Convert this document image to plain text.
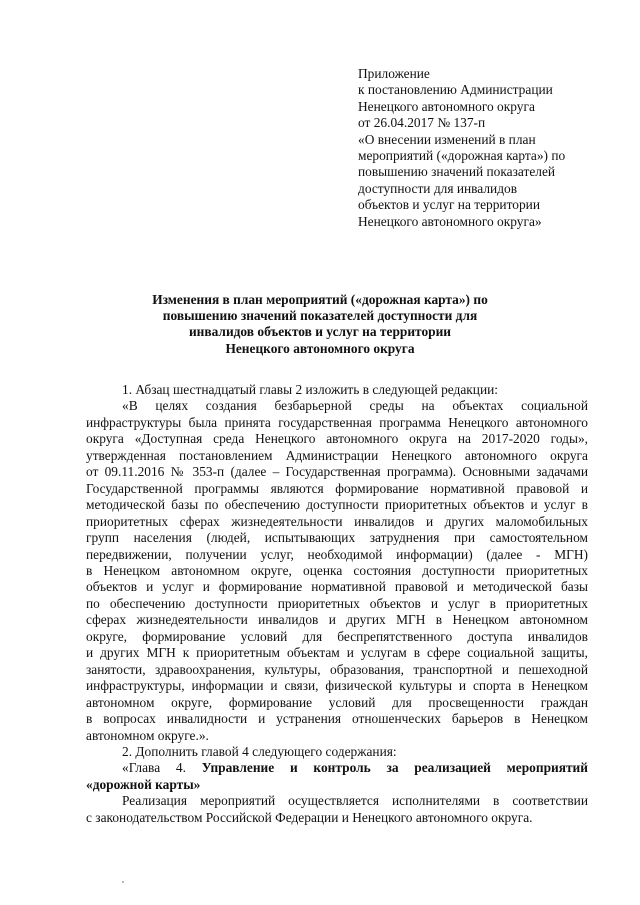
Приложение
к постановлению Администрации
Ненецкого автономного округа
от 26.04.2017 № 137-п
«О внесении изменений в план
мероприятий («дорожная карта») по
повышению значений показателей
доступности для инвалидов
объектов и услуг на территории
Ненецкого автономного округа»
Изменения в план мероприятий («дорожная карта») по
повышению значений показателей доступности для
инвалидов объектов и услуг на территории
Ненецкого автономного округа

1. Абзац шестнадцатый главы 2 изложить в следующей редакции:

«В целях создания безбарьерной среды на объектах социальной
инфраструктуры была принята государственная программа Ненецкого автономного
округа «Доступная среда Ненецкого автономного округа на 2017-2020 годы»,
утвержденная постановлением Администрации Ненецкого автономного округа
от 09.11.2016 № 353-п (далее – Государственная программа). Основными задачами
Государственной программы являются формирование нормативной правовой и
методической базы по обеспечению доступности приоритетных объектов и услуг в
приоритетных сферах жизнедеятельности инвалидов и других маломобильных
групп населения (людей, испытывающих затруднения при самостоятельном
передвижении, получении услуг, необходимой информации) (далее - МГН)
в Ненецком автономном округе, оценка состояния доступности приоритетных
объектов и услуг и формирование нормативной правовой и методической базы
по обеспечению доступности приоритетных объектов и услуг в приоритетных
сферах жизнедеятельности инвалидов и других МГН в Ненецком автономном
округе, формирование условий для беспрепятственного доступа инвалидов
и других МГН к приоритетным объектам и услугам в сфере социальной защиты,
занятости, здравоохранения, культуры, образования, транспортной и пешеходной
инфраструктуры, информации и связи, физической культуры и спорта в Ненецком
автономном округе, формирование условий для просвещенности граждан
в вопросах инвалидности и устранения отношенческих барьеров в Ненецком
автономном округе.».

2. Дополнить главой 4 следующего содержания:

«Глава 4. Управление и контроль за реализацией мероприятий
«дорожной карты»
Реализация мероприятий осуществляется исполнителями в соответствии
с законодательством Российской Федерации и Ненецкого автономного округа.
